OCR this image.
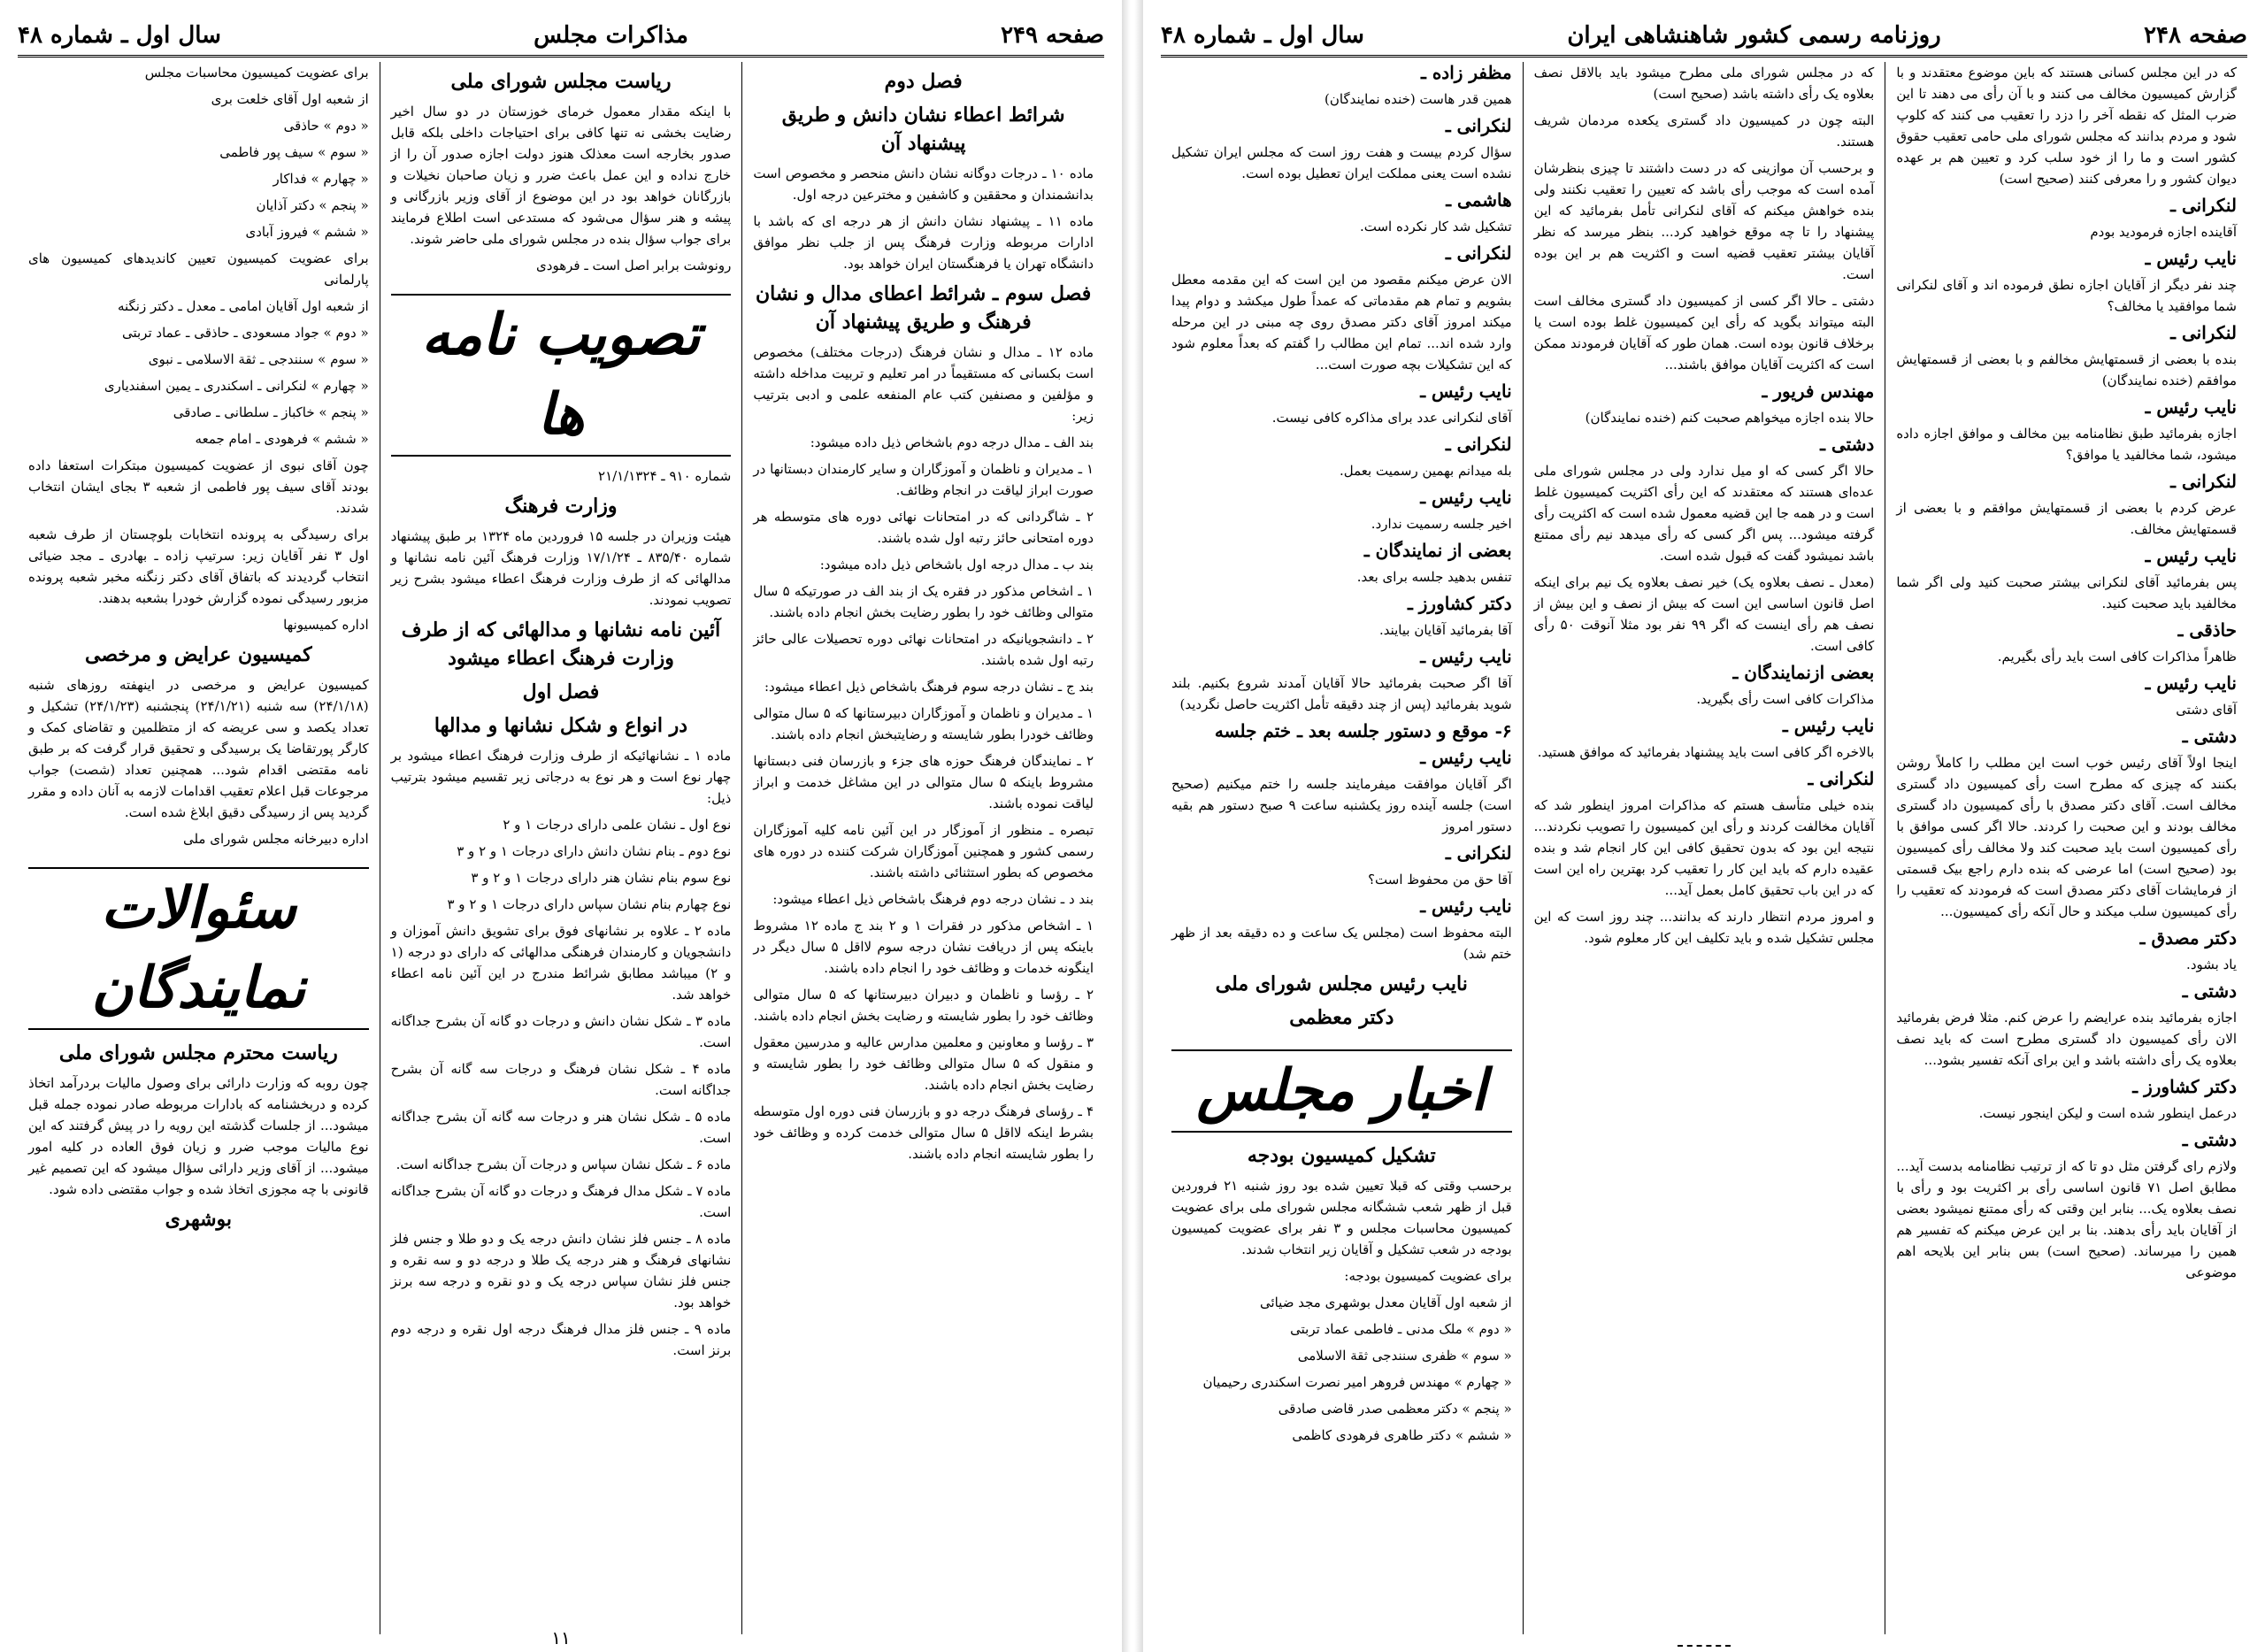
صفحه ۲۴۹
مذاکرات مجلس
سال اول ـ شماره ۴۸
فصل دوم
شرائط اعطاء نشان دانش و طریق پیشنهاد آن
ماده ۱۰ ـ درجات دوگانه نشان دانش منحصر و مخصوص است بدانشمندان و محققین و کاشفین و مخترعین درجه اول.
ماده ۱۱ ـ پیشنهاد نشان دانش از هر درجه ای که باشد با ادارات مربوطه وزارت فرهنگ پس از جلب نظر موافق دانشگاه تهران یا فرهنگستان ایران خواهد بود.
فصل سوم ـ شرائط اعطای مدال و نشان فرهنگ و طریق پیشنهاد آن
ماده ۱۲ ـ مدال و نشان فرهنگ (درجات مختلف) مخصوص است بکسانی که مستقیماً در امر تعلیم و تربیت مداخله داشته و مؤلفین و مصنفین کتب عام المنفعه علمی و ادبی بترتیب زیر:
بند الف ـ مدال درجه دوم باشخاص ذیل داده میشود:
۱ ـ مدیران و ناظمان و آموزگاران و سایر کارمندان دبستانها در صورت ابراز لیاقت در انجام وظائف.
۲ ـ شاگردانی که در امتحانات نهائی دوره های متوسطه هر دوره امتحانی حائز رتبه اول شده باشند.
بند ب ـ مدال درجه اول باشخاص ذیل داده میشود:
۱ ـ اشخاص مذکور در فقره یک از بند الف در صورتیکه ۵ سال متوالی وظائف خود را بطور رضایت بخش انجام داده باشند.
۲ ـ دانشجویانیکه در امتحانات نهائی دوره تحصیلات عالی حائز رتبه اول شده باشند.
بند ج ـ نشان درجه سوم فرهنگ باشخاص ذیل اعطاء میشود:
۱ ـ مدیران و ناظمان و آموزگاران دبیرستانها که ۵ سال متوالی وظائف خودرا بطور شایسته و رضایتبخش انجام داده باشند.
۲ ـ نمایندگان فرهنگ حوزه های جزء و بازرسان فنی دبستانها مشروط باینکه ۵ سال متوالی در این مشاغل خدمت و ابراز لیاقت نموده باشند.
تبصره ـ منظور از آموزگار در این آئین نامه کلیه آموزگاران رسمی کشور و همچنین آموزگاران شرکت کننده در دوره های مخصوص که بطور استثنائی داشته باشند.
بند د ـ نشان درجه دوم فرهنگ باشخاص ذیل اعطاء میشود:
۱ ـ اشخاص مذکور در فقرات ۱ و ۲ بند ج ماده ۱۲ مشروط باینکه پس از دریافت نشان درجه سوم لااقل ۵ سال دیگر در اینگونه خدمات و وظائف خود را انجام داده باشند.
۲ ـ رؤسا و ناظمان و دبیران دبیرستانها که ۵ سال متوالی وظائف خود را بطور شایسته و رضایت بخش انجام داده باشند.
۳ ـ رؤسا و معاونین و معلمین مدارس عالیه و مدرسین معقول و منقول که ۵ سال متوالی وظائف خود را بطور شایسته و رضایت بخش انجام داده باشند.
۴ ـ رؤسای فرهنگ درجه دو و بازرسان فنی دوره اول متوسطه بشرط اینکه لااقل ۵ سال متوالی خدمت کرده و وظائف خود را بطور شایسته انجام داده باشند.
ریاست مجلس شورای ملی
با اینکه مقدار معمول خرمای خوزستان در دو سال اخیر رضایت بخشی نه تنها کافی برای احتیاجات داخلی بلکه قابل صدور بخارجه است معذلک هنوز دولت اجازه صدور آن را از خارج نداده و این عمل باعث ضرر و زیان صاحبان نخیلات و بازرگانان خواهد بود در این موضوع از آقای وزیر بازرگانی و پیشه و هنر سؤال می‌شود که مستدعی است اطلاع فرمایند برای جواب سؤال بنده در مجلس شورای ملی حاضر شوند.
رونوشت برابر اصل است ـ فرهودی
تصویب نامه ها
شماره ۹۱۰ ـ ۲۱/۱/۱۳۲۴
وزارت فرهنگ
هیئت وزیران در جلسه ۱۵ فروردین ماه ۱۳۲۴ بر طبق پیشنهاد شماره ۸۳۵/۴۰ ـ ۱۷/۱/۲۴ وزارت فرهنگ آئین نامه نشانها و مدالهائی که از طرف وزارت فرهنگ اعطاء میشود بشرح زیر تصویب نمودند.
آئین نامه نشانها و مدالهائی که از طرف وزارت فرهنگ اعطاء میشود
فصل اول
در انواع و شکل نشانها و مدالها
ماده ۱ ـ نشانهائیکه از طرف وزارت فرهنگ اعطاء میشود بر چهار نوع است و هر نوع به درجاتی زیر تقسیم میشود بترتیب ذیل:
نوع اول ـ نشان علمی دارای درجات ۱ و ۲
نوع دوم ـ بنام نشان دانش دارای درجات ۱ و ۲ و ۳
نوع سوم بنام نشان هنر دارای درجات ۱ و ۲ و ۳
نوع چهارم بنام نشان سپاس دارای درجات ۱ و ۲ و ۳
ماده ۲ ـ علاوه بر نشانهای فوق برای تشویق دانش آموزان و دانشجویان و کارمندان فرهنگی مدالهائی که دارای دو درجه (۱ و ۲) میباشد مطابق شرائط مندرج در این آئین نامه اعطاء خواهد شد.
ماده ۳ ـ شکل نشان دانش و درجات دو گانه آن بشرح جداگانه است.
ماده ۴ ـ شکل نشان فرهنگ و درجات سه گانه آن بشرح جداگانه است.
ماده ۵ ـ شکل نشان هنر و درجات سه گانه آن بشرح جداگانه است.
ماده ۶ ـ شکل نشان سپاس و درجات آن بشرح جداگانه است.
ماده ۷ ـ شکل مدال فرهنگ و درجات دو گانه آن بشرح جداگانه است.
ماده ۸ ـ جنس فلز نشان دانش درجه یک و دو طلا و جنس فلز نشانهای فرهنگ و هنر درجه یک طلا و درجه دو و سه نقره و جنس فلز نشان سپاس درجه یک و دو نقره و درجه سه برنز خواهد بود.
ماده ۹ ـ جنس فلز مدال فرهنگ درجه اول نقره و درجه دوم برنز است.
برای عضویت کمیسیون محاسبات مجلس
از شعبه اول آقای خلعت بری
« دوم » حاذقی
« سوم » سیف پور فاطمی
« چهارم » فداکار
« پنجم » دکتر آذایان
« ششم » فیروز آبادی
برای عضویت کمیسیون تعیین کاندیدهای کمیسیون های پارلمانی
از شعبه اول آقایان امامی ـ معدل ـ دکتر زنگنه
« دوم » جواد مسعودی ـ حاذقی ـ عماد تربتی
« سوم » سنندجی ـ ثقة الاسلامی ـ نبوی
« چهارم » لنکرانی ـ اسکندری ـ یمین اسفندیاری
« پنجم » خاکباز ـ سلطانی ـ صادقی
« ششم » فرهودی ـ امام جمعه
چون آقای نبوی از عضویت کمیسیون مبتکرات استعفا داده بودند آقای سیف پور فاطمی از شعبه ۳ بجای ایشان انتخاب شدند.
برای رسیدگی به پرونده انتخابات بلوچستان از طرف شعبه اول ۳ نفر آقایان زیر: سرتیپ زاده ـ بهادری ـ مجد ضیائی انتخاب گردیدند که باتفاق آقای دکتر زنگنه مخبر شعبه پرونده مزبور رسیدگی نموده گزارش خودرا بشعبه بدهند.
اداره کمیسیونها
کمیسیون عرایض و مرخصی
کمیسیون عرایض و مرخصی در اینهفته روزهای شنبه (۲۴/۱/۱۸) سه شنبه (۲۴/۱/۲۱) پنجشنبه (۲۴/۱/۲۳) تشکیل و تعداد یکصد و سی عریضه که از متظلمین و تقاضای کمک و کارگر پورتقاضا یک برسیدگی و تحقیق قرار گرفت که بر طبق نامه مقتضی اقدام شود... همچنین تعداد (شصت) جواب مرجوعات قبل اعلام تعقیب اقدامات لازمه به آنان داده و مقرر گردید پس از رسیدگی دقیق ابلاغ شده است.
اداره دبیرخانه مجلس شورای ملی
سئوالات نمایندگان
ریاست محترم مجلس شورای ملی
چون روبه که وزارت دارائی برای وصول مالیات بردرآمد اتخاذ کرده و دربخشنامه که بادارات مربوطه صادر نموده جمله قبل میشود... از جلسات گذشته این رویه را در پیش گرفتند که این نوع مالیات موجب ضرر و زیان فوق العاده در کلیه امور میشود... از آقای وزیر دارائی سؤال میشود که این تصمیم غیر قانونی با چه مجوزی اتخاذ شده و جواب مقتضی داده شود.
بوشهری
۱۱
صفحه ۲۴۸
روزنامه رسمی کشور شاهنشاهی ایران
سال اول ـ شماره ۴۸
که در این مجلس کسانی هستند که باین موضوع معتقدند و با گزارش کمیسیون مخالف می کنند و با آن رأی می دهند تا این ضرب المثل که نقطه آخر را دزد را تعقیب می کنند که کلوپ شود و مردم بدانند که مجلس شورای ملی حامی تعقیب حقوق کشور است و ما را از خود سلب کرد و تعیین هم بر عهده دیوان کشور و را معرفی کنند (صحیح است)
لنکرانی ـ
آقاینده اجازه فرمودید بودم
نایب رئیس ـ
چند نفر دیگر از آقایان اجازه نطق فرموده اند و آقای لنکرانی شما موافقید یا مخالف؟
لنکرانی ـ
بنده با بعضی از قسمتهایش مخالفم و با بعضی از قسمتهایش موافقم (خنده نمایندگان)
نایب رئیس ـ
اجازه بفرمائید طبق نظامنامه بین مخالف و موافق اجازه داده میشود، شما مخالفید یا موافق؟
لنکرانی ـ
عرض کردم با بعضی از قسمتهایش موافقم و با بعضی از قسمتهایش مخالف.
نایب رئیس ـ
پس بفرمائید آقای لنکرانی بیشتر صحبت کنید ولی اگر شما مخالفید باید صحبت کنید.
حاذقی ـ
ظاهراً مذاکرات کافی است باید رأی بگیریم.
نایب رئیس ـ
آقای دشتی
دشتی ـ
اینجا اولاً آقای رئیس خوب است این مطلب را کاملاً روشن بکنند که چیزی که مطرح است رأی کمیسیون داد گستری مخالف است. آقای دکتر مصدق با رأی کمیسیون داد گستری مخالف بودند و این صحبت را کردند. حالا اگر کسی موافق با رأی کمیسیون است باید صحبت کند ولا مخالف رأی کمیسیون بود (صحیح است) اما عرضی که بنده دارم راجع بیک قسمتی از فرمایشات آقای دکتر مصدق است که فرمودند که تعقیب را رأی کمیسیون سلب میکند و حال آنکه رأی کمیسیون...
دکتر مصدق ـ
یاد بشود.
دشتی ـ
اجازه بفرمائید بنده عرایضم را عرض کنم. مثلا فرض بفرمائید الان رأی کمیسیون داد گستری مطرح است که باید نصف بعلاوه یک رأی داشته باشد و این برای آنکه تفسیر بشود...
دکتر کشاورز ـ
درعمل اینطور شده است و لیکن اینجور نیست.
دشتی ـ
ولازم رای گرفتن مثل دو تا که از ترتیب نظامنامه بدست آید... مطابق اصل ۷۱ قانون اساسی رأی بر اکثریت بود و رأی با نصف بعلاوه یک... بنابر این وقتی که رأی ممتنع نمیشود بعضی از آقایان باید رأی بدهند. بنا بر این عرض میکنم که تفسیر هم همین را میرساند. (صحیح است) بس بنابر این بلایحه اهم موضوعی
که در مجلس شورای ملی مطرح میشود باید بالاقل نصف بعلاوه یک رأی داشته باشد (صحیح است)
البته چون در کمیسیون داد گستری یکعده مردمان شریف هستند.
و برحسب آن موازینی که در دست داشتند تا چیزی بنظرشان آمده است که موجب رأی باشد که تعیین را تعقیب نکنند ولی بنده خواهش میکنم که آقای لنکرانی تأمل بفرمائید که این پیشنهاد را تا چه موقع خواهید کرد... بنظر میرسد که نظر آقایان بیشتر تعقیب قضیه است و اکثریت هم بر این بوده است.
دشتی ـ حالا اگر کسی از کمیسیون داد گستری مخالف است البته میتواند بگوید که رأی این کمیسیون غلط بوده است یا برخلاف قانون بوده است. همان طور که آقایان فرمودند ممکن است که اکثریت آقایان موافق باشند...
مهندس فریور ـ
حالا بنده اجازه میخواهم صحبت کنم (خنده نمایندگان)
دشتی ـ
حالا اگر کسی که او میل ندارد ولی در مجلس شورای ملی عده‌ای هستند که معتقدند که این رأی اکثریت کمیسیون غلط است و در همه جا این قضیه معمول شده است که اکثریت رأی گرفته میشود... پس اگر کسی که رأی میدهد نیم رأی ممتنع باشد نمیشود گفت که قبول شده است.
(معدل ـ نصف بعلاوه یک) خیر نصف بعلاوه یک نیم برای اینکه اصل قانون اساسی این است که بیش از نصف و این بیش از نصف هم رأی اینست که اگر ۹۹ نفر بود مثلا آنوقت ۵۰ رأی کافی است.
بعضی ازنمایندگان ـ
مذاکرات کافی است رأی بگیرید.
نایب رئیس ـ
بالاخره اگر کافی است باید پیشنهاد بفرمائید که موافق هستید.
لنکرانی ـ
بنده خیلی متأسف هستم که مذاکرات امروز اینطور شد که آقایان مخالفت کردند و رأی این کمیسیون را تصویب نکردند... نتیجه این بود که بدون تحقیق کافی این کار انجام شد و بنده عقیده دارم که باید این کار را تعقیب کرد بهترین راه این است که در این باب تحقیق کامل بعمل آید...
و امروز مردم انتظار دارند که بدانند... چند روز است که این مجلس تشکیل شده و باید تکلیف این کار معلوم شود.
مظفر زاده ـ
همین قدر هاست (خنده نمایندگان)
لنکرانی ـ
سؤال کردم بیست و هفت روز است که مجلس ایران تشکیل نشده است یعنی مملکت ایران تعطیل بوده است.
هاشمی ـ
تشکیل شد کار نکرده است.
لنکرانی ـ
الان عرض میکنم مقصود من این است که این مقدمه معطل بشویم و تمام هم مقدماتی که عمداً طول میکشد و دوام پیدا میکند امروز آقای دکتر مصدق روی چه مبنی در این مرحله وارد شده اند... تمام این مطالب را گفتم که بعداً معلوم شود که این تشکیلات بچه صورت است...
نایب رئیس ـ
آقای لنکرانی عدد برای مذاکره کافی نیست.
لنکرانی ـ
بله میدانم بهمین رسمیت بعمل.
نایب رئیس ـ
اخیر جلسه رسمیت ندارد.
بعضی از نمایندگان ـ
تنفس بدهید جلسه برای بعد.
دکتر کشاورز ـ
آقا بفرمائید آقایان بیایند.
نایب رئیس ـ
آقا اگر صحبت بفرمائید حالا آقایان آمدند شروع بکنیم. بلند شوید بفرمائید (پس از چند دقیقه تأمل اکثریت حاصل نگردید)
۶- موقع و دستور جلسه بعد ـ ختم جلسه
نایب رئیس ـ
اگر آقایان موافقت میفرمایند جلسه را ختم میکنیم (صحیح است) جلسه آینده روز یکشنبه ساعت ۹ صبح دستور هم بقیه دستور امروز
لنکرانی ـ
آقا حق من محفوظ است؟
نایب رئیس ـ
البته محفوظ است (مجلس یک ساعت و ده دقیقه بعد از ظهر ختم شد)
نایب رئیس مجلس شورای ملی
دکتر معظمی
اخبار مجلس
تشکیل کمیسیون بودجه
برحسب وقتی که قبلا تعیین شده بود روز شنبه ۲۱ فروردین قبل از ظهر شعب ششگانه مجلس شورای ملی برای عضویت کمیسیون محاسبات مجلس و ۳ نفر برای عضویت کمیسیون بودجه در شعب تشکیل و آقایان زیر انتخاب شدند.
برای عضویت کمیسیون بودجه:
از شعبه اول آقایان معدل بوشهری مجد ضیائی
« دوم » ملک مدنی ـ فاطمی عماد تربتی
« سوم » ظفری سنندجی ثقة الاسلامی
« چهارم » مهندس فروهر امیر نصرت اسکندری رحیمیان
« پنجم » دکتر معظمی صدر قاضی صادقی
« ششم » دکتر طاهری فرهودی کاظمی
